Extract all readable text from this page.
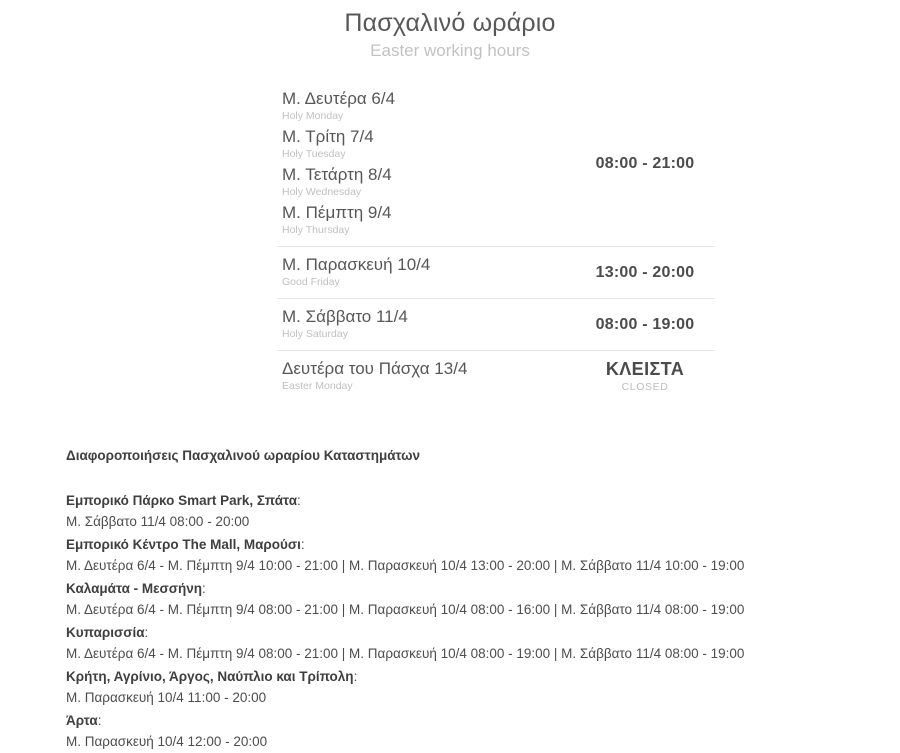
Πασχαλινό ωράριο
Easter working hours
Μ. Δευτέρα 6/4
Holy Monday
Μ. Τρίτη 7/4
Holy Tuesday
Μ. Τετάρτη 8/4
Holy Wednesday
Μ. Πέμπτη 9/4
Holy Thursday
08:00 - 21:00
Μ. Παρασκευή 10/4
Good Friday
13:00 - 20:00
Μ. Σάββατο 11/4
Holy Saturday
08:00 - 19:00
Δευτέρα του Πάσχα 13/4
Easter Monday
ΚΛΕΙΣΤΑ
CLOSED
Διαφοροποιήσεις Πασχαλινού ωραρίου Καταστημάτων
Εμπορικό Πάρκο Smart Park, Σπάτα:
Μ. Σάββατο 11/4 08:00 - 20:00
Εμπορικό Κέντρο The Mall, Μαρούσι:
Μ. Δευτέρα 6/4 - Μ. Πέμπτη 9/4 10:00 - 21:00 | Μ. Παρασκευή 10/4 13:00 - 20:00 | Μ. Σάββατο 11/4 10:00 - 19:00
Καλαμάτα - Μεσσήνη:
Μ. Δευτέρα 6/4 - Μ. Πέμπτη 9/4 08:00 - 21:00 | Μ. Παρασκευή 10/4 08:00 - 16:00 | Μ. Σάββατο 11/4 08:00 - 19:00
Κυπαρισσία:
Μ. Δευτέρα 6/4 - Μ. Πέμπτη 9/4 08:00 - 21:00 | Μ. Παρασκευή 10/4 08:00 - 19:00 | Μ. Σάββατο 11/4 08:00 - 19:00
Κρήτη, Αγρίνιο, Άργος, Ναύπλιο και Τρίπολη:
Μ. Παρασκευή 10/4 11:00 - 20:00
Άρτα:
Μ. Παρασκευή 10/4 12:00 - 20:00
